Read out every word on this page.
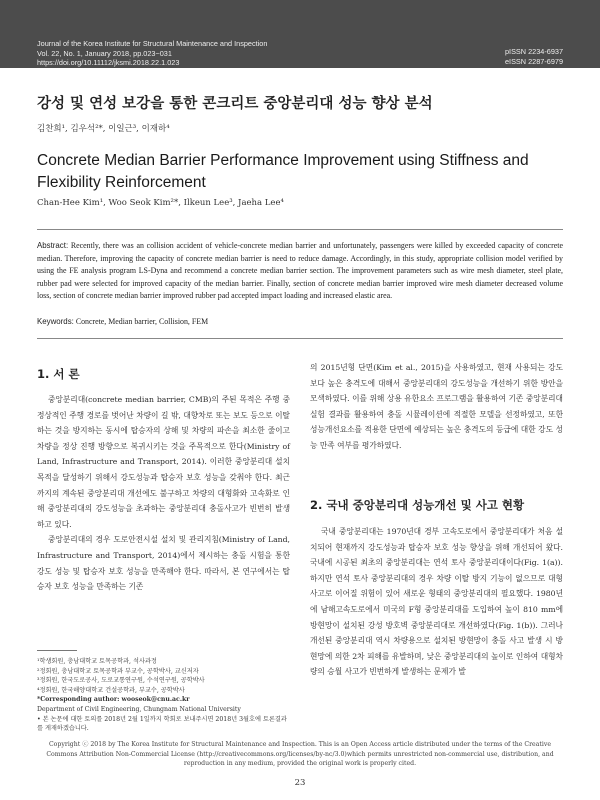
Journal of the Korea Institute for Structural Maintenance and Inspection
Vol. 22, No. 1, January 2018, pp.023~031
https://doi.org/10.11112/jksmi.2018.22.1.023
pISSN 2234-6937
eISSN 2287-6979
강성 및 연성 보강을 통한 콘크리트 중앙분리대 성능 향상 분석
김찬희¹, 김우석²*, 이일근³, 이재하⁴
Concrete Median Barrier Performance Improvement using Stiffness and Flexibility Reinforcement
Chan-Hee Kim¹, Woo Seok Kim²*, Ilkeun Lee³, Jaeha Lee⁴
Abstract: Recently, there was an collision accident of vehicle-concrete median barrier and unfortunately, passengers were killed by exceeded capacity of concrete median. Therefore, improving the capacity of concrete median barrier is need to reduce damage. Accordingly, in this study, appropriate collision model verified by using the FE analysis program LS-Dyna and recommend a concrete median barrier section. The improvement parameters such as wire mesh diameter, steel plate, rubber pad were selected for improved capacity of the median barrier. Finally, section of concrete median barrier improved wire mesh diameter decreased volume loss, section of concrete median barrier improved rubber pad accepted impact loading and increased elastic area.
Keywords: Concrete, Median barrier, Collision, FEM
1. 서 론

중앙분리대(concrete median barrier, CMB)의 주된 목적은 주행 중 정상적인 주행 경로를 벗어난 차량이 길 밖, 대향차로 또는 보도 등으로 이탈하는 것을 방지하는 동시에 탑승자의 상해 및 차량의 파손을 최소한 줄이고 차량을 정상 진행 방향으로 복귀시키는 것을 주목적으로 한다(Ministry of Land, Infrastructure and Transport, 2014). 이러한 중앙분리대 설치 목적을 달성하기 위해서 강도성능과 탑승자 보호 성능을 갖춰야 한다. 최근까지의 계속된 중앙분리대 개선에도 불구하고 차량의 대형화와 고속화로 인해 중앙분리대의 강도성능을 초과하는 중앙분리대 충돌사고가 빈번히 발생하고 있다.

중앙분리대의 경우 도로안전시설 설치 및 관리지침(Ministry of Land, Infrastructure and Transport, 2014)에서 제시하는 충돌 시험을 통한 강도 성능 및 탑승자 보호 성능을 만족해야 한다. 따라서, 본 연구에서는 탑승자 보호 성능을 만족하는 기존

¹학생회원, 충남대학교 토목공학과, 석사과정
²정회원, 충남대학교 토목공학과 부교수, 공학박사, 교신저자
³정회원, 한국도로공사, 도로교통연구원, 수석연구원, 공학박사
⁴정회원, 한국해양대학교 건설공학과, 부교수, 공학박사
*Corresponding author: wooseok@cnu.ac.kr
Department of Civil Engineering, Chungnam National University
• 본 논문에 대한 토의를 2018년 2월 1일까지 학회로 보내주시면 2018년 3월호에 토론결과를 게재하겠습니다.

의 2015년형 단면(Kim et al., 2015)을 사용하였고, 현재 사용되는 강도보다 높은 충격도에 대해서 중앙분리대의 강도성능을 개선하기 위한 방안을 모색하였다. 이를 위해 상용 유한요소 프로그램을 활용하여 기존 중앙분리대 실험 결과를 활용하여 충돌 시뮬레이션에 적절한 모델을 선정하였고, 또한 성능개선요소를 적용한 단면에 예상되는 높은 충격도의 등급에 대한 강도 성능 만족 여부를 평가하였다.

2. 국내 중앙분리대 성능개선 및 사고 현황

국내 중앙분리대는 1970년대 경부 고속도로에서 중앙분리대가 처음 설치되어 현재까지 강도성능과 탑승자 보호 성능 향상을 위해 개선되어 왔다. 국내에 시공된 최초의 중앙분리대는 연석 토사 중앙분리대이다(Fig. 1(a)). 하지만 연석 토사 중앙분리대의 경우 차량 이탈 방지 기능이 없으므로 대형 사고로 이어질 위험이 있어 새로운 형태의 중앙분리대의 필요했다. 1980년에 남해고속도로에서 미국의 F형 중앙분리대를 도입하여 높이 810 mm에 방현망이 설치된 강성 방호벽 중앙분리대로 개선하였다(Fig. 1(b)). 그러나 개선된 중앙분리대 역시 차량용으로 설치된 방현망이 충돌 사고 발생 시 방현망에 의한 2차 피해를 유발하며, 낮은 중앙분리대의 높이로 인하여 대형차량의 승월 사고가 빈번하게 발생하는 문제가 발

Copyright ⓒ 2018 by The Korea Institute for Structural Maintenance and Inspection. This is an Open Access article distributed under the terms of the Creative Commons Attribution Non-Commercial License (http://creativecommons.org/licenses/by-nc/3.0)which permits unrestricted non-commercial use, distribution, and reproduction in any medium, provided the original work is properly cited.
23
